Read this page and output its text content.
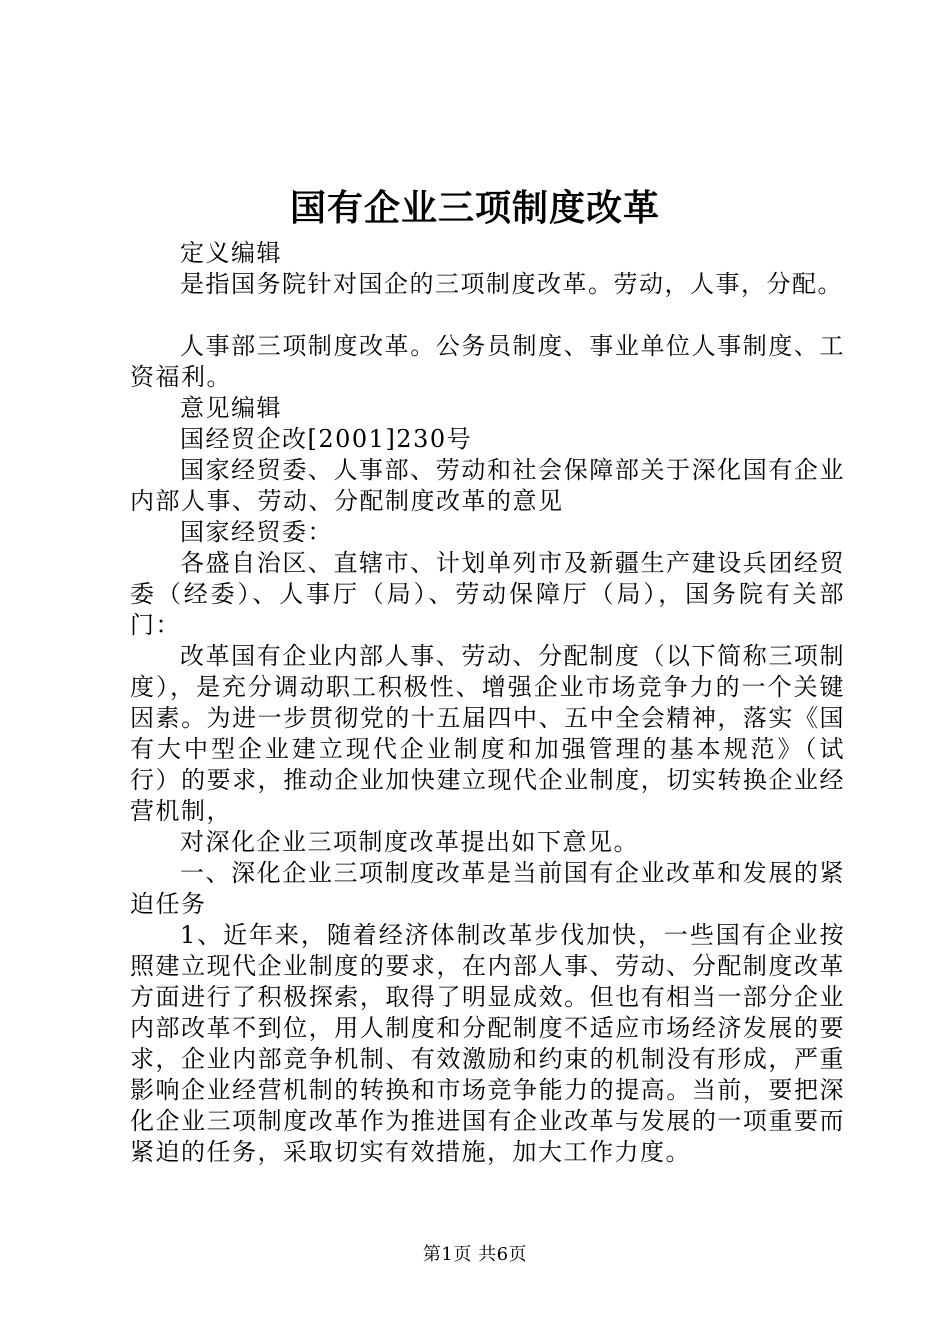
国有企业三项制度改革

定义编辑

是指国务院针对国企的三项制度改革。劳动，人事，分配。

人事部三项制度改革。公务员制度、事业单位人事制度、工资福利。

意见编辑

国经贸企改[2001]230号

国家经贸委、人事部、劳动和社会保障部关于深化国有企业内部人事、劳动、分配制度改革的意见

国家经贸委：

各盛自治区、直辖市、计划单列市及新疆生产建设兵团经贸委（经委）、人事厅（局）、劳动保障厅（局），国务院有关部门：

改革国有企业内部人事、劳动、分配制度（以下简称三项制度），是充分调动职工积极性、增强企业市场竞争力的一个关键因素。为进一步贯彻党的十五届四中、五中全会精神，落实《国有大中型企业建立现代企业制度和加强管理的基本规范》（试行）的要求，推动企业加快建立现代企业制度，切实转换企业经营机制，

对深化企业三项制度改革提出如下意见。

一、深化企业三项制度改革是当前国有企业改革和发展的紧迫任务

1、近年来，随着经济体制改革步伐加快，一些国有企业按照建立现代企业制度的要求，在内部人事、劳动、分配制度改革方面进行了积极探索，取得了明显成效。但也有相当一部分企业内部改革不到位，用人制度和分配制度不适应市场经济发展的要求，企业内部竞争机制、有效激励和约束的机制没有形成，严重影响企业经营机制的转换和市场竞争能力的提高。当前，要把深化企业三项制度改革作为推进国有企业改革与发展的一项重要而紧迫的任务，采取切实有效措施，加大工作力度。

第1页 共6页
